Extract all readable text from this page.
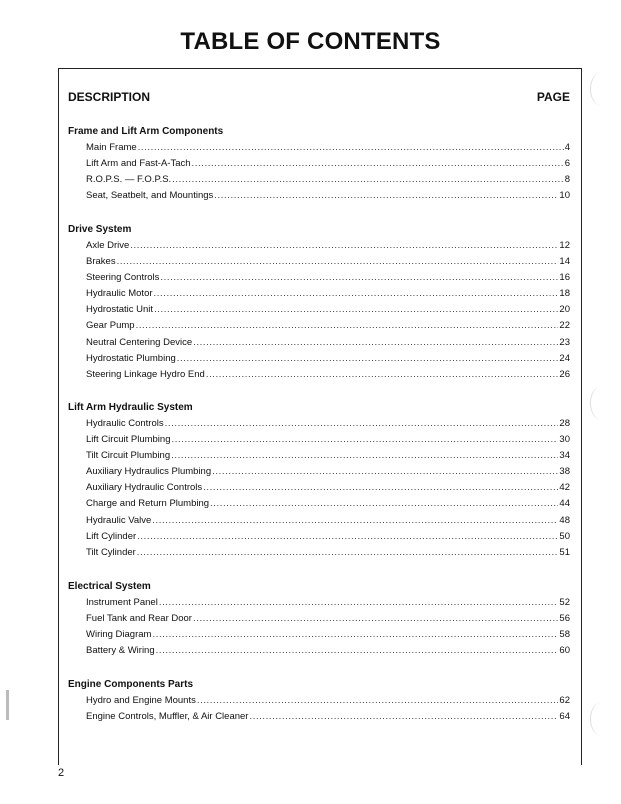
TABLE OF CONTENTS
DESCRIPTION	PAGE
Frame and Lift Arm Components
Main Frame .....	4
Lift Arm and Fast-A-Tach .....	6
R.O.P.S. — F.O.P.S. .....	8
Seat, Seatbelt, and Mountings .....	10
Drive System
Axle Drive .....	12
Brakes .....	14
Steering Controls .....	16
Hydraulic Motor .....	18
Hydrostatic Unit .....	20
Gear Pump .....	22
Neutral Centering Device .....	23
Hydrostatic Plumbing .....	24
Steering Linkage Hydro End .....	26
Lift Arm Hydraulic System
Hydraulic Controls .....	28
Lift Circuit Plumbing .....	30
Tilt Circuit Plumbing .....	34
Auxiliary Hydraulics Plumbing .....	38
Auxiliary Hydraulic Controls .....	42
Charge and Return Plumbing .....	44
Hydraulic Valve .....	48
Lift Cylinder .....	50
Tilt Cylinder .....	51
Electrical System
Instrument Panel .....	52
Fuel Tank and Rear Door .....	56
Wiring Diagram .....	58
Battery & Wiring .....	60
Engine Components Parts
Hydro and Engine Mounts .....	62
Engine Controls, Muffler, & Air Cleaner .....	64
2
